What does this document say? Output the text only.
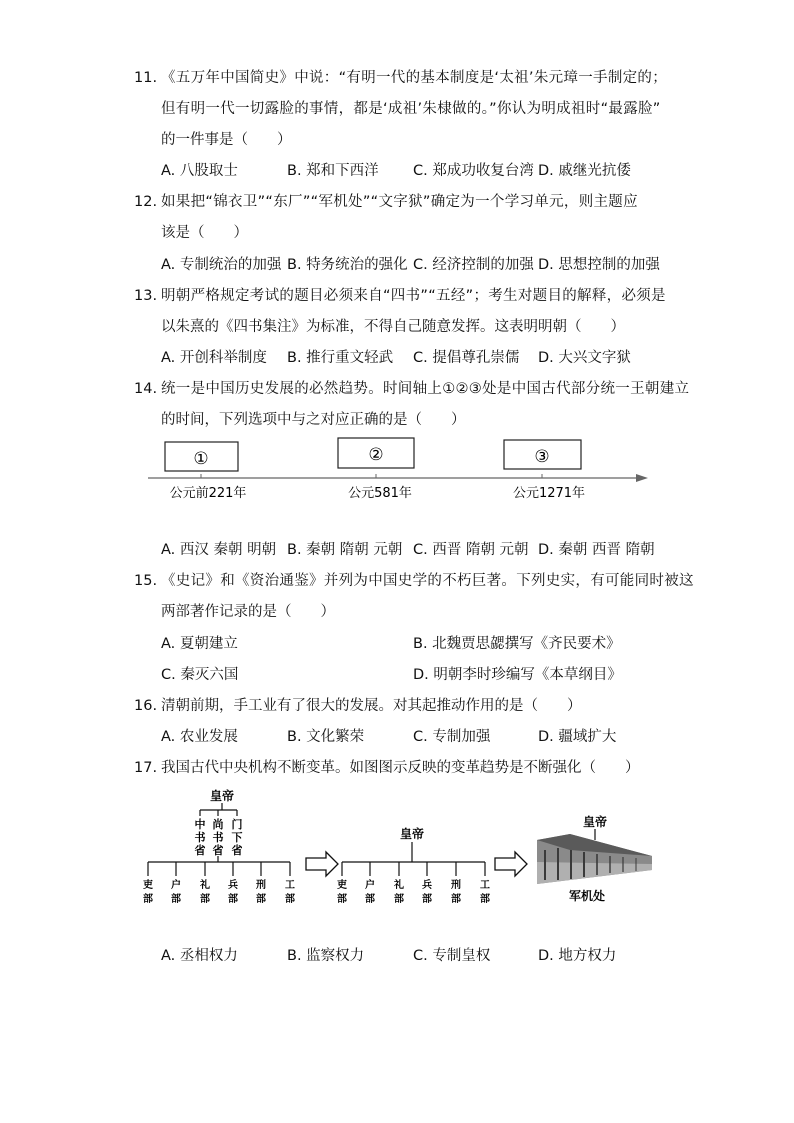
11. 《五万年中国简史》中说：“有明一代的基本制度是‘太祖’朱元璋一手制定的；
但有明一代一切露脸的事情，都是‘成祖’朱棣做的。”你认为明成祖时“最露脸”
的一件事是（　　）
A. 八股取士	B. 郑和下西洋 C. 郑成功收复台湾 D. 戚继光抗倭
12. 如果把“锦衣卫”“东厂”“军机处”“文字狱”确定为一个学习单元，则主题应
该是（　　）
A. 专制统治的加强 B. 特务统治的强化 C. 经济控制的加强 D. 思想控制的加强
13. 明朝严格规定考试的题目必须来自“四书”“五经”；考生对题目的解释，必须是
以朱熹的《四书集注》为标准，不得自己随意发挥。这表明明朝（　　）
A. 开创科举制度 B. 推行重文轻武 C. 提倡尊孔崇儒 D. 大兴文字狱
14. 统一是中国历史发展的必然趋势。时间轴上①②③处是中国古代部分统一王朝建立
的时间，下列选项中与之对应正确的是（　　）
①	②	③
公元前221年	公元581年	公元1271年
A. 西汉 秦朝 明朝 B. 秦朝 隋朝 元朝 C. 西晋 隋朝 元朝 D. 秦朝 西晋 隋朝
15. 《史记》和《资治通鉴》并列为中国史学的不朽巨著。下列史实，有可能同时被这
两部著作记录的是（　　）
A. 夏朝建立	B. 北魏贾思勰撰写《齐民要术》
C. 秦灭六国	D. 明朝李时珍编写《本草纲目》
16. 清朝前期，手工业有了很大的发展。对其起推动作用的是（　　）
A. 农业发展	B. 文化繁荣	C. 专制加强	D. 疆域扩大
17. 我国古代中央机构不断变革。如图图示反映的变革趋势是不断强化（　　）
皇帝
中
书
省
尚
书
省
门
下
省
吏
部
户
部
礼
部
兵
部
刑
部
工
部
皇帝
吏
部
户
部
礼
部
兵
部
刑
部
工
部
皇帝
军机处
A. 丞相权力	B. 监察权力	C. 专制皇权	D. 地方权力
